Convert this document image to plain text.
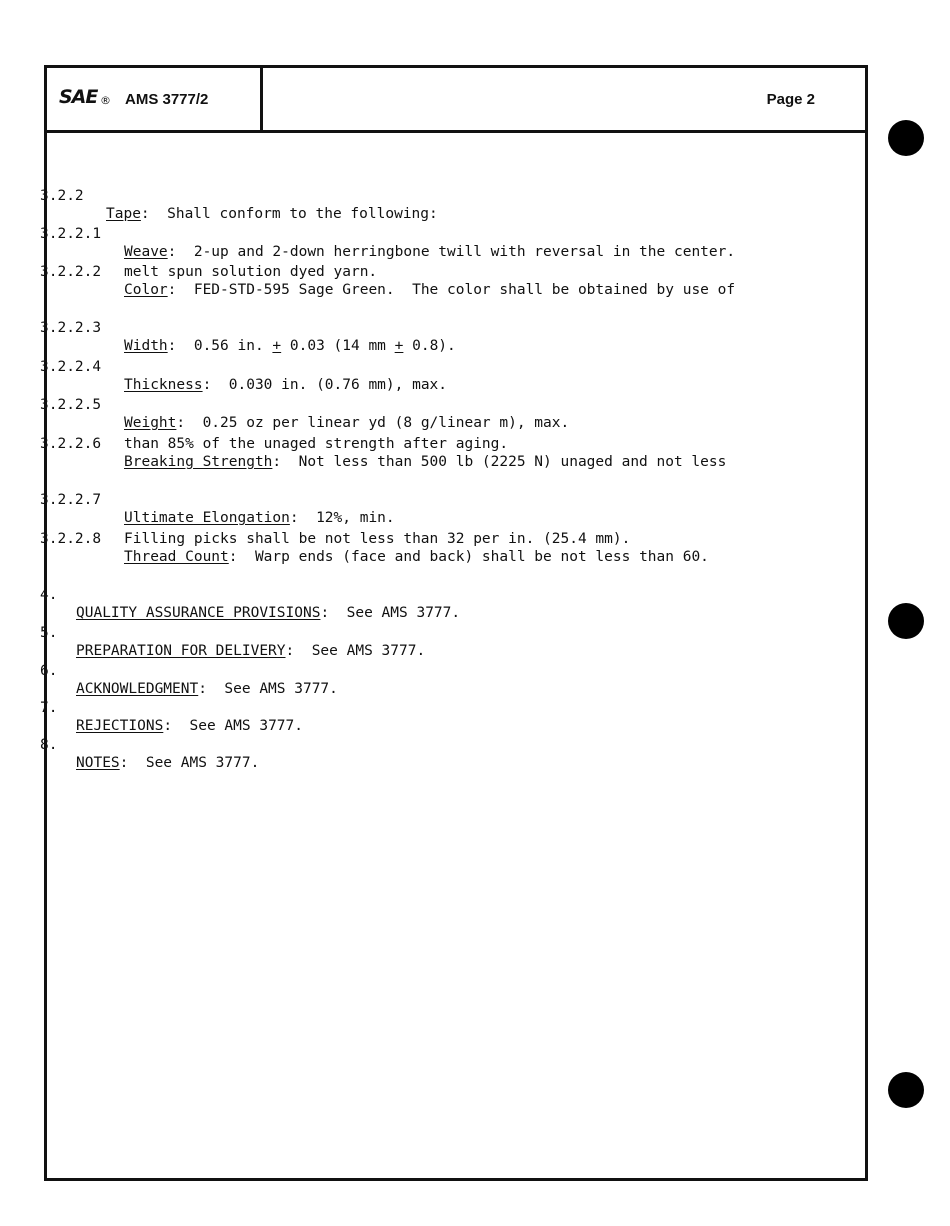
SAE ® AMS 3777/2	Page 2

3.2.2

Tape:  Shall conform to the following:

3.2.2.1

Weave:  2-up and 2-down herringbone twill with reversal in the center.

3.2.2.2

Color:  FED-STD-595 Sage Green.  The color shall be obtained by use of

melt spun solution dyed yarn.

3.2.2.3

Width:  0.56 in. + 0.03 (14 mm + 0.8).

3.2.2.4

Thickness:  0.030 in. (0.76 mm), max.

3.2.2.5

Weight:  0.25 oz per linear yd (8 g/linear m), max.

3.2.2.6

Breaking Strength:  Not less than 500 lb (2225 N) unaged and not less

than 85% of the unaged strength after aging.

3.2.2.7

Ultimate Elongation:  12%, min.

3.2.2.8

Thread Count:  Warp ends (face and back) shall be not less than 60.

Filling picks shall be not less than 32 per in. (25.4 mm).

4.

QUALITY ASSURANCE PROVISIONS:  See AMS 3777.

5.

PREPARATION FOR DELIVERY:  See AMS 3777.

6.

ACKNOWLEDGMENT:  See AMS 3777.

7.

REJECTIONS:  See AMS 3777.

8.

NOTES:  See AMS 3777.
